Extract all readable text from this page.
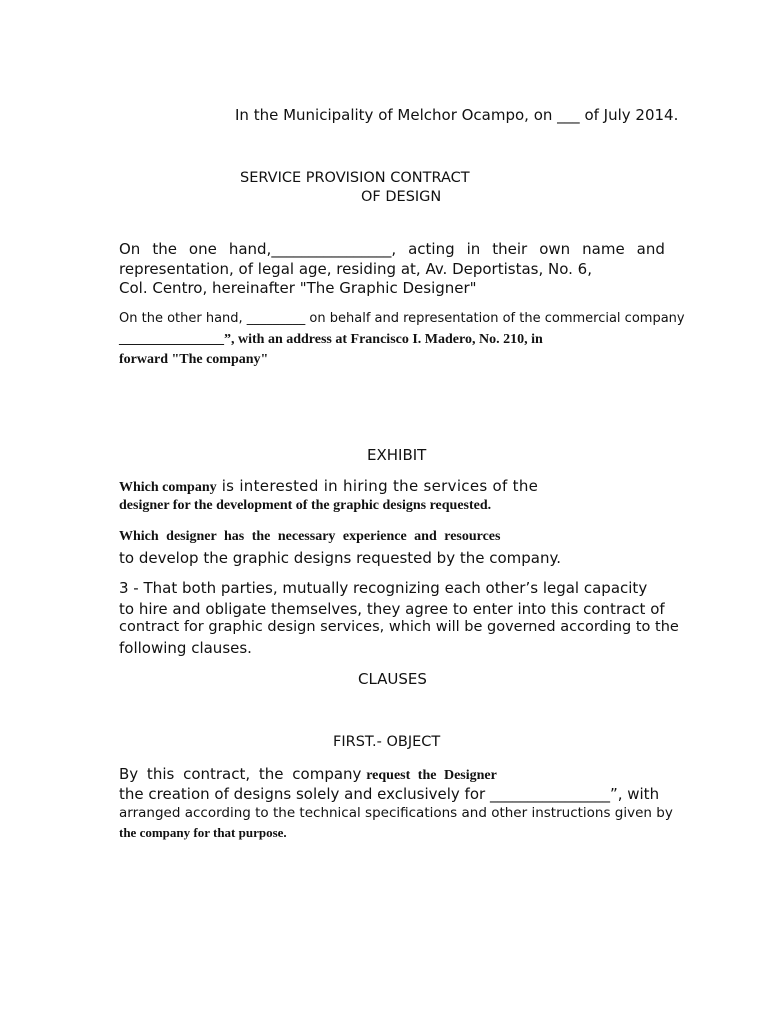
In the Municipality of Melchor Ocampo, on ___ of July 2014.

SERVICE PROVISION CONTRACT

OF DESIGN

On the one hand,________________, acting in their own name and

representation, of legal age, residing at, Av. Deportistas, No. 6,

Col. Centro, hereinafter "The Graphic Designer"

On the other hand, _________ on behalf and representation of the commercial company

_______________”, with an address at Francisco I. Madero, No. 210, in

forward "The company"

EXHIBIT

Which company is interested in hiring the services of the

designer for the development of the graphic designs requested.

Which designer has the necessary experience and resources

to develop the graphic designs requested by the company.

3 - That both parties, mutually recognizing each other’s legal capacity

to hire and obligate themselves, they agree to enter into this contract of

contract for graphic design services, which will be governed according to the

following clauses.

CLAUSES

FIRST.- OBJECT

By this contract, the company request the Designer

the creation of designs solely and exclusively for ________________”, with

arranged according to the technical specifications and other instructions given by

the company for that purpose.
